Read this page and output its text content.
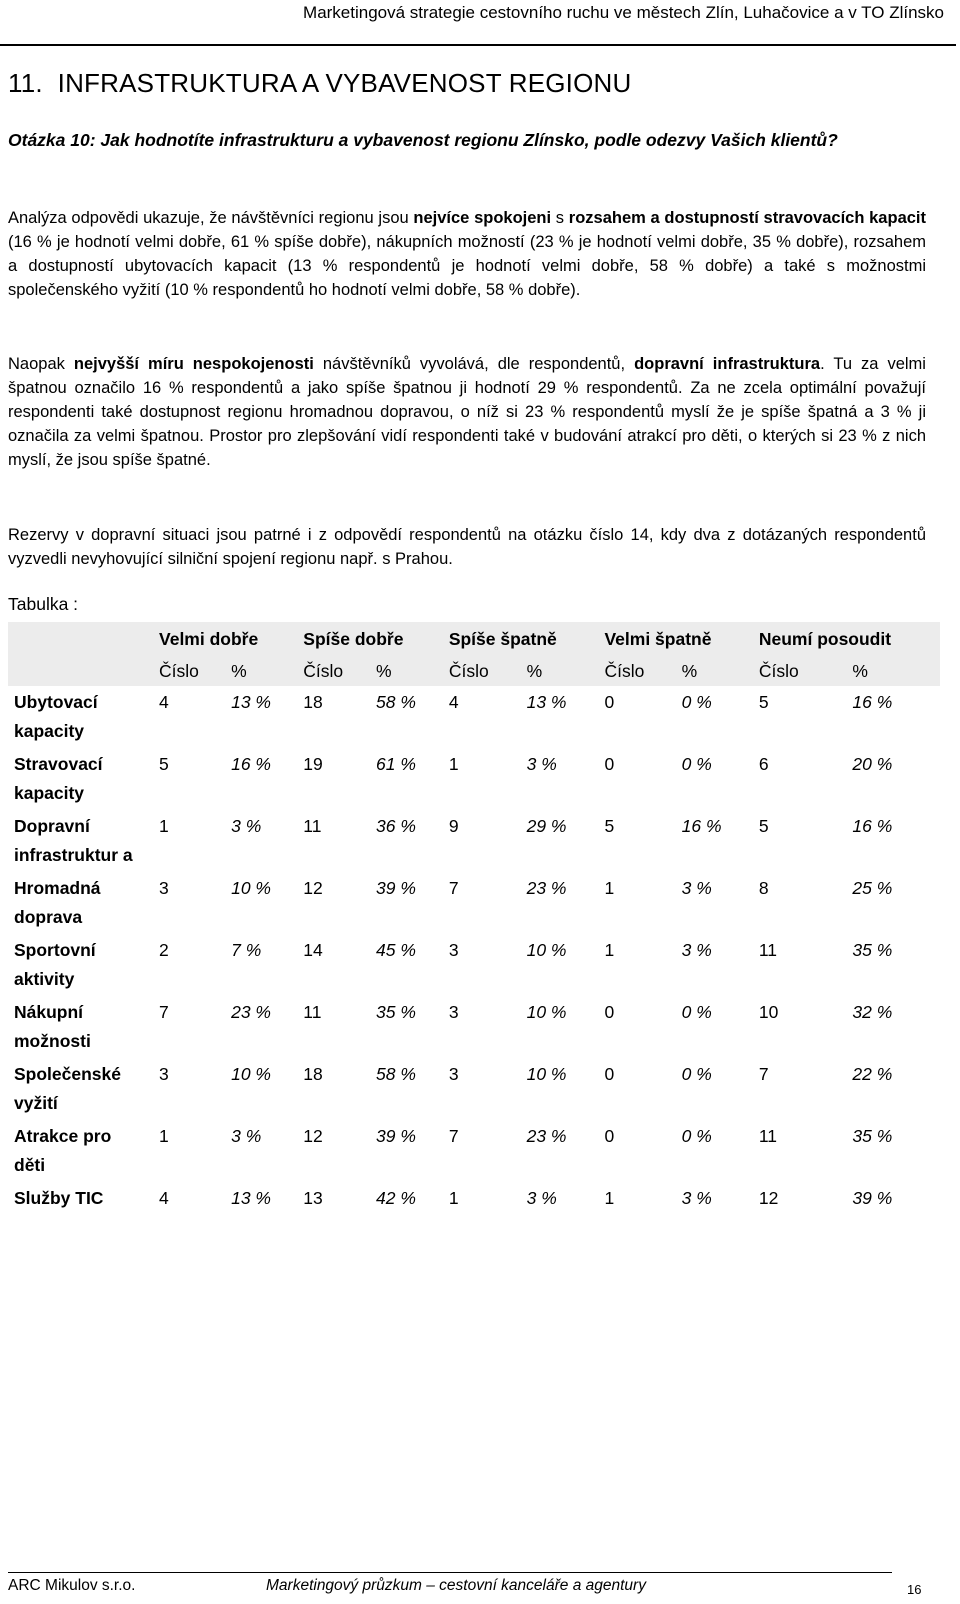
Marketingová strategie cestovního ruchu ve městech Zlín, Luhačovice a v TO Zlínsko
11.  INFRASTRUKTURA A VYBAVENOST REGIONU
Otázka 10: Jak hodnotíte infrastrukturu a vybavenost regionu Zlínsko, podle odezvy Vašich klientů?
Analýza odpovědi ukazuje, že návštěvníci regionu jsou nejvíce spokojeni s rozsahem a dostupností stravovacích kapacit (16 % je hodnotí velmi dobře, 61 % spíše dobře), nákupních možností (23 % je hodnotí velmi dobře, 35 % dobře), rozsahem a dostupností ubytovacích kapacit (13 % respondentů je hodnotí velmi dobře, 58 % dobře) a také s možnostmi společenského vyžití (10 % respondentů ho hodnotí velmi dobře, 58 % dobře).
Naopak nejvyšší míru nespokojenosti návštěvníků vyvolává, dle respondentů, dopravní infrastruktura. Tu za velmi špatnou označilo 16 % respondentů a jako spíše špatnou ji hodnotí 29 % respondentů. Za ne zcela optimální považují respondenti také dostupnost regionu hromadnou dopravou, o níž si 23 % respondentů myslí že je spíše špatná a 3 % ji označila za velmi špatnou. Prostor pro zlepšování vidí respondenti také v budování atrakcí pro děti, o kterých si 23 % z nich myslí, že jsou spíše špatné.
Rezervy v dopravní situaci jsou patrné i z odpovědí respondentů na otázku číslo 14, kdy dva z dotázaných respondentů vyzvedli nevyhovující silniční spojení regionu např. s Prahou.
Tabulka :
		Velmi dobře		Spíše dobře		Spíše špatně		Velmi špatně		Neumí posoudit	
		Číslo	%	Číslo	%	Číslo	%	Číslo	%	Číslo	%
Ubytovací kapacity		4	13 %	18	58 %	4	13 %	0	0 %	5	16 %
Stravovací kapacity		5	16 %	19	61 %	1	3 %	0	0 %	6	20 %
Dopravní infrastruktur a		1	3 %	11	36 %	9	29 %	5	16 %	5	16 %
Hromadná doprava		3	10 %	12	39 %	7	23 %	1	3 %	8	25 %
Sportovní aktivity		2	7 %	14	45 %	3	10 %	1	3 %	11	35 %
Nákupní možnosti		7	23 %	11	35 %	3	10 %	0	0 %	10	32 %
Společenské vyžití		3	10 %	18	58 %	3	10 %	0	0 %	7	22 %
Atrakce pro děti		1	3 %	12	39 %	7	23 %	0	0 %	11	35 %
Služby TIC		4	13 %	13	42 %	1	3 %	1	3 %	12	39 %
ARC Mikulov s.r.o.	Marketingový průzkum – cestovní kanceláře a agentury	16
